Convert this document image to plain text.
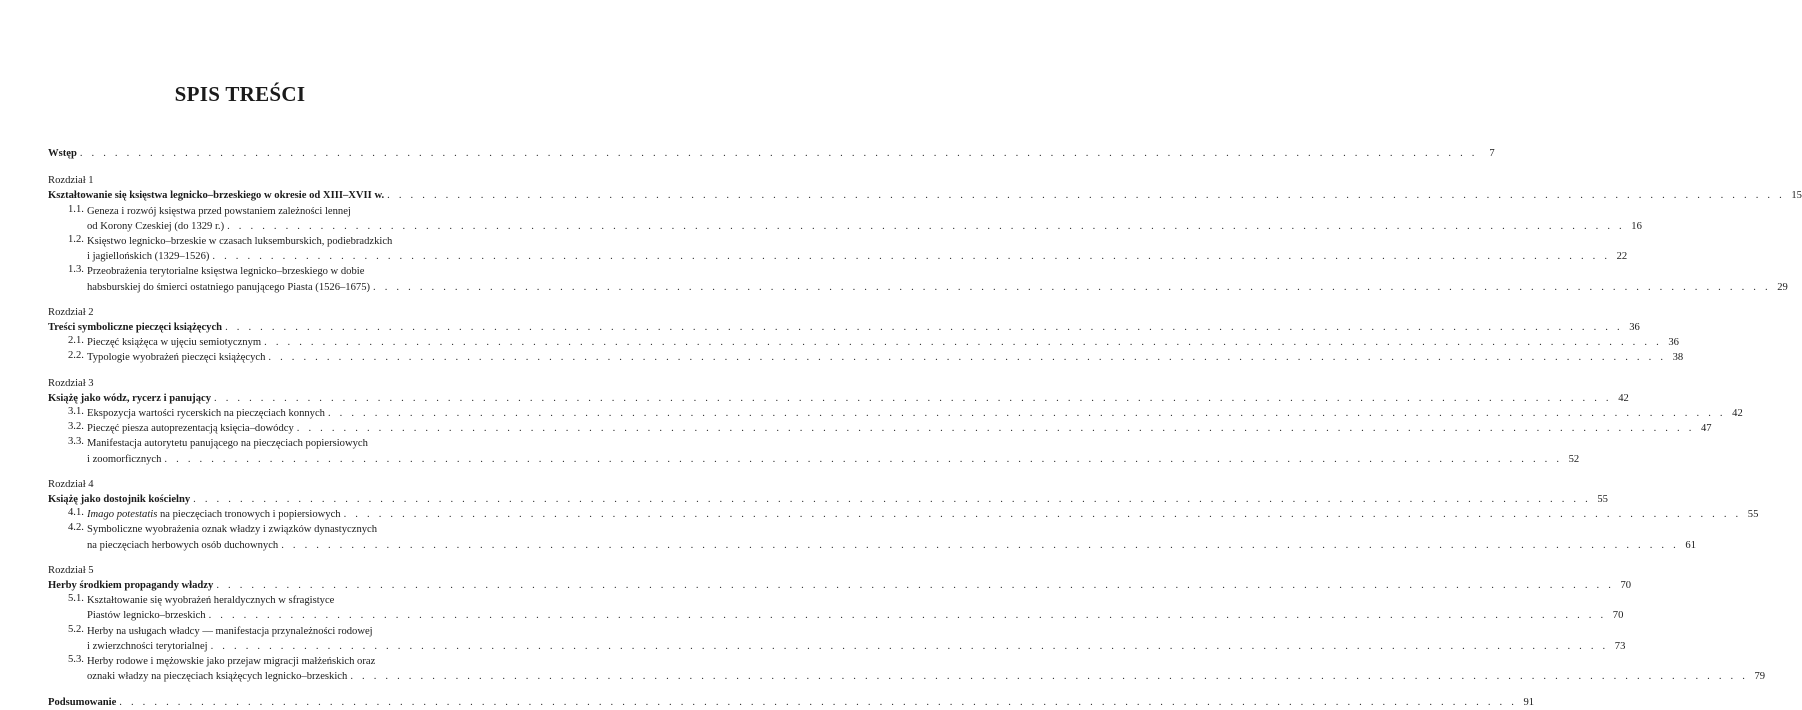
SPIS TREŚCI
Wstęp . . . . . . . . . . . . . . . . . . . . . . . . . . . . . . . . . . . . . . . . . . . . . . . . . . . . . . . . . . . . . . . . . . . . . . . . . . . . . . . . . . . . . . . . . . . . . . . . . . . . . . . . . . . . . . . . . . . . . . . .	7
Rozdział 1
Kształtowanie się księstwa legnicko–brzeskiego w okresie od XIII–XVII w. . . . . . . . . . . . . . . . . . . . . . . . . . . . . . . . . . . . . . . . . . . . . . . . . . . . . . . . . . . . . . . . . . . . . . . . . . . . . . . . . . . . . . . . . . . . . . . . . . . . . . . . . . . . . . . . . . . . . . . . . 15
1.1. Geneza i rozwój księstwa przed powstaniem zależności lennej
od Korony Czeskiej (do 1329 r.) . . . . . . . . . . . . . . . . . . . . . . . . . . . . . . . . . . . . . . . . . . . . . . . . . . . . . . . . . . . . . . . . . . . . . . . . . . . . . . . . . . . . . . . . . . . . . . . . . . . . . . . . . . . . . . . . . . . . . . . . 16
1.2. Księstwo legnicko–brzeskie w czasach luksemburskich, podiebradzkich
i jagiellońskich (1329–1526) . . . . . . . . . . . . . . . . . . . . . . . . . . . . . . . . . . . . . . . . . . . . . . . . . . . . . . . . . . . . . . . . . . . . . . . . . . . . . . . . . . . . . . . . . . . . . . . . . . . . . . . . . . . . . . . . . . . . . . . . 22
1.3. Przeobrażenia terytorialne księstwa legnicko–brzeskiego w dobie
habsburskiej do śmierci ostatniego panującego Piasta (1526–1675) . . . . . . . . . . . . . . . . . . . . . . . . . . . . . . . . . . . . . . . . . . . . . . . . . . . . . . . . . . . . . . . . . . . . . . . . . . . . . . . . . . . . . . . . . . . . . . . . . . . . . . . . . . . . . . . . . . . . . . . . 29
Rozdział 2
Treści symboliczne pieczęci książęcych . . . . . . . . . . . . . . . . . . . . . . . . . . . . . . . . . . . . . . . . . . . . . . . . . . . . . . . . . . . . . . . . . . . . . . . . . . . . . . . . . . . . . . . . . . . . . . . . . . . . . . . . . . . . . . . . . . . . . . . . 36
2.1. Pieczęć książęca w ujęciu semiotycznym . . . . . . . . . . . . . . . . . . . . . . . . . . . . . . . . . . . . . . . . . . . . . . . . . . . . . . . . . . . . . . . . . . . . . . . . . . . . . . . . . . . . . . . . . . . . . . . . . . . . . . . . . . . . . . . . . . . . . . . . 36
2.2. Typologie wyobrażeń pieczęci książęcych . . . . . . . . . . . . . . . . . . . . . . . . . . . . . . . . . . . . . . . . . . . . . . . . . . . . . . . . . . . . . . . . . . . . . . . . . . . . . . . . . . . . . . . . . . . . . . . . . . . . . . . . . . . . . . . . . . . . . . . . 38
Rozdział 3
Książę jako wódz, rycerz i panujący . . . . . . . . . . . . . . . . . . . . . . . . . . . . . . . . . . . . . . . . . . . . . . . . . . . . . . . . . . . . . . . . . . . . . . . . . . . . . . . . . . . . . . . . . . . . . . . . . . . . . . . . . . . . . . . . . . . . . . . . 42
3.1. Ekspozycja wartości rycerskich na pieczęciach konnych . . . . . . . . . . . . . . . . . . . . . . . . . . . . . . . . . . . . . . . . . . . . . . . . . . . . . . . . . . . . . . . . . . . . . . . . . . . . . . . . . . . . . . . . . . . . . . . . . . . . . . . . . . . . . . . . . . . . . . . . 42
3.2. Pieczęć piesza autoprezentacją księcia–dowódcy . . . . . . . . . . . . . . . . . . . . . . . . . . . . . . . . . . . . . . . . . . . . . . . . . . . . . . . . . . . . . . . . . . . . . . . . . . . . . . . . . . . . . . . . . . . . . . . . . . . . . . . . . . . . . . . . . . . . . . . . 47
3.3. Manifestacja autorytetu panującego na pieczęciach popiersiowych
i zoomorficznych . . . . . . . . . . . . . . . . . . . . . . . . . . . . . . . . . . . . . . . . . . . . . . . . . . . . . . . . . . . . . . . . . . . . . . . . . . . . . . . . . . . . . . . . . . . . . . . . . . . . . . . . . . . . . . . . . . . . . . . . 52
Rozdział 4
Książę jako dostojnik kościelny . . . . . . . . . . . . . . . . . . . . . . . . . . . . . . . . . . . . . . . . . . . . . . . . . . . . . . . . . . . . . . . . . . . . . . . . . . . . . . . . . . . . . . . . . . . . . . . . . . . . . . . . . . . . . . . . . . . . . . . . 55
4.1. Imago potestatis na pieczęciach tronowych i popiersiowych . . . . . . . . . . . . . . . . . . . . . . . . . . . . . . . . . . . . . . . . . . . . . . . . . . . . . . . . . . . . . . . . . . . . . . . . . . . . . . . . . . . . . . . . . . . . . . . . . . . . . . . . . . . . . . . . . . . . . . . . 55
4.2. Symboliczne wyobrażenia oznak władzy i związków dynastycznych
na pieczęciach herbowych osób duchownych . . . . . . . . . . . . . . . . . . . . . . . . . . . . . . . . . . . . . . . . . . . . . . . . . . . . . . . . . . . . . . . . . . . . . . . . . . . . . . . . . . . . . . . . . . . . . . . . . . . . . . . . . . . . . . . . . . . . . . . . 61
Rozdział 5
Herby środkiem propagandy władzy . . . . . . . . . . . . . . . . . . . . . . . . . . . . . . . . . . . . . . . . . . . . . . . . . . . . . . . . . . . . . . . . . . . . . . . . . . . . . . . . . . . . . . . . . . . . . . . . . . . . . . . . . . . . . . . . . . . . . . . . 70
5.1. Kształtowanie się wyobrażeń heraldycznych w sfragistyce
Piastów legnicko–brzeskich . . . . . . . . . . . . . . . . . . . . . . . . . . . . . . . . . . . . . . . . . . . . . . . . . . . . . . . . . . . . . . . . . . . . . . . . . . . . . . . . . . . . . . . . . . . . . . . . . . . . . . . . . . . . . . . . . . . . . . . . 70
5.2. Herby na usługach władcy — manifestacja przynależności rodowej
i zwierzchności terytorialnej . . . . . . . . . . . . . . . . . . . . . . . . . . . . . . . . . . . . . . . . . . . . . . . . . . . . . . . . . . . . . . . . . . . . . . . . . . . . . . . . . . . . . . . . . . . . . . . . . . . . . . . . . . . . . . . . . . . . . . . . 73
5.3. Herby rodowe i mężowskie jako przejaw migracji małżeńskich oraz
oznaki władzy na pieczęciach książęcych legnicko–brzeskich . . . . . . . . . . . . . . . . . . . . . . . . . . . . . . . . . . . . . . . . . . . . . . . . . . . . . . . . . . . . . . . . . . . . . . . . . . . . . . . . . . . . . . . . . . . . . . . . . . . . . . . . . . . . . . . . . . . . . . . . 79
Podsumowanie . . . . . . . . . . . . . . . . . . . . . . . . . . . . . . . . . . . . . . . . . . . . . . . . . . . . . . . . . . . . . . . . . . . . . . . . . . . . . . . . . . . . . . . . . . . . . . . . . . . . . . . . . . . . . . . . . . . . . . . . 91
